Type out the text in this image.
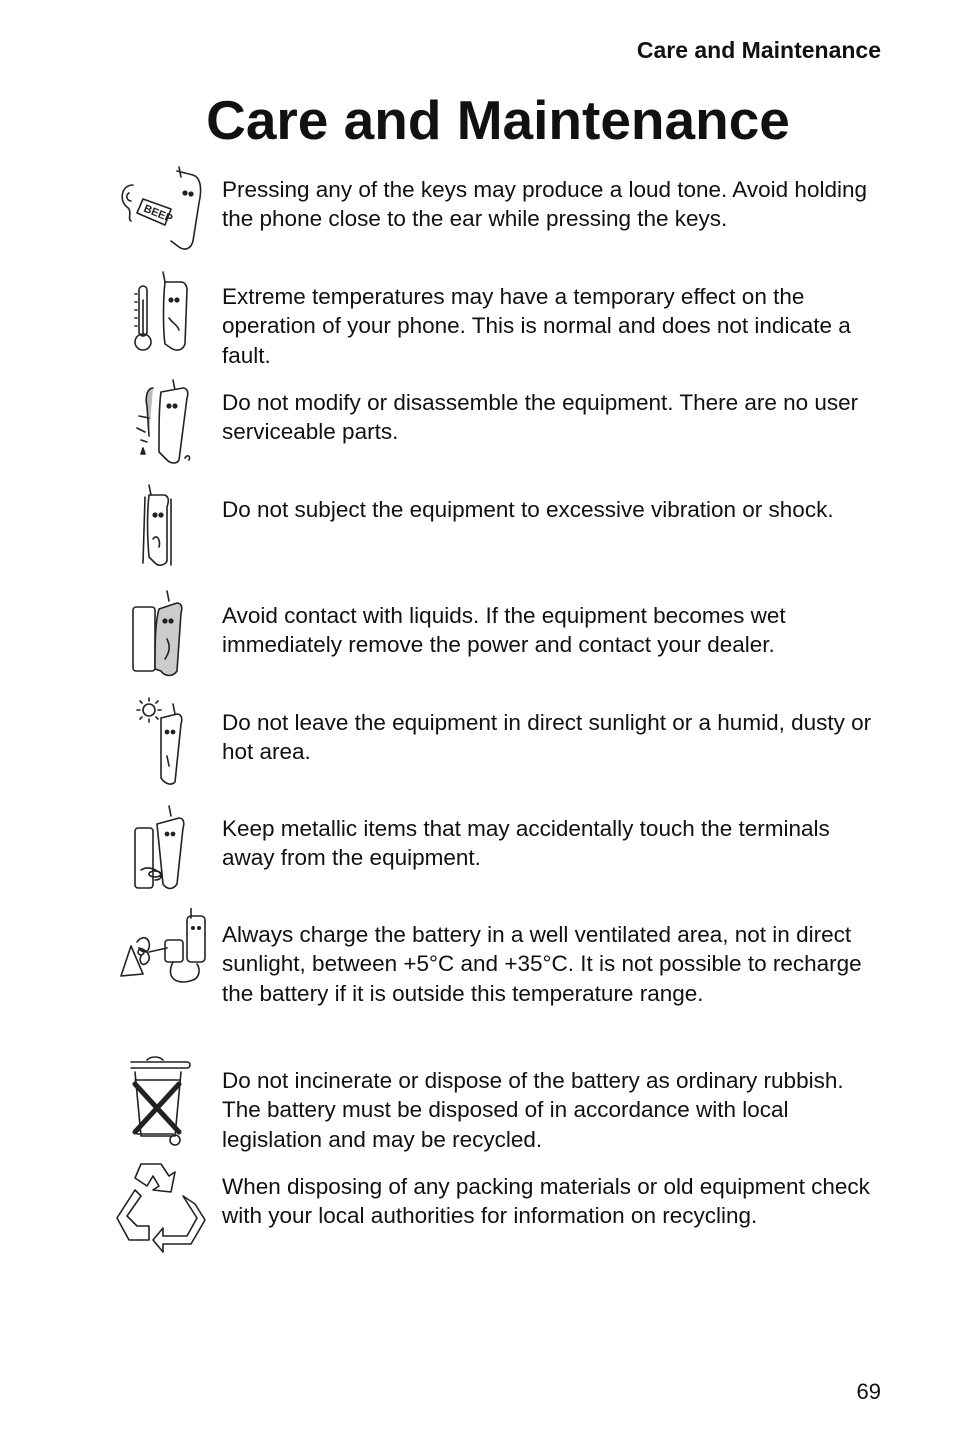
Care and Maintenance
Care and Maintenance
BEEP

Pressing any of the keys may produce a loud tone. Avoid holding the phone close to the ear while pressing the keys.

Extreme temperatures may have a temporary effect on the operation of your phone. This is normal and does not indicate a fault.

Do not modify or disassemble the equipment. There are no user serviceable parts.

Do not subject the equipment to excessive vibration or shock.

Avoid contact with liquids. If the equipment becomes wet immediately remove the power and contact your dealer.

Do not leave the equipment in direct sunlight or a humid, dusty or hot area.

Keep metallic items that may accidentally touch the terminals away from the equipment.

Always charge the battery in a well ventilated area, not in direct sunlight, between +5°C and +35°C. It is not possible to recharge the battery if it is outside this temperature range.

Do not incinerate or dispose of the battery as ordinary rubbish. The battery must be disposed of in accordance with local legislation and may be recycled.

When disposing of any packing materials or old equipment check with your local authorities for information on recycling.

69
